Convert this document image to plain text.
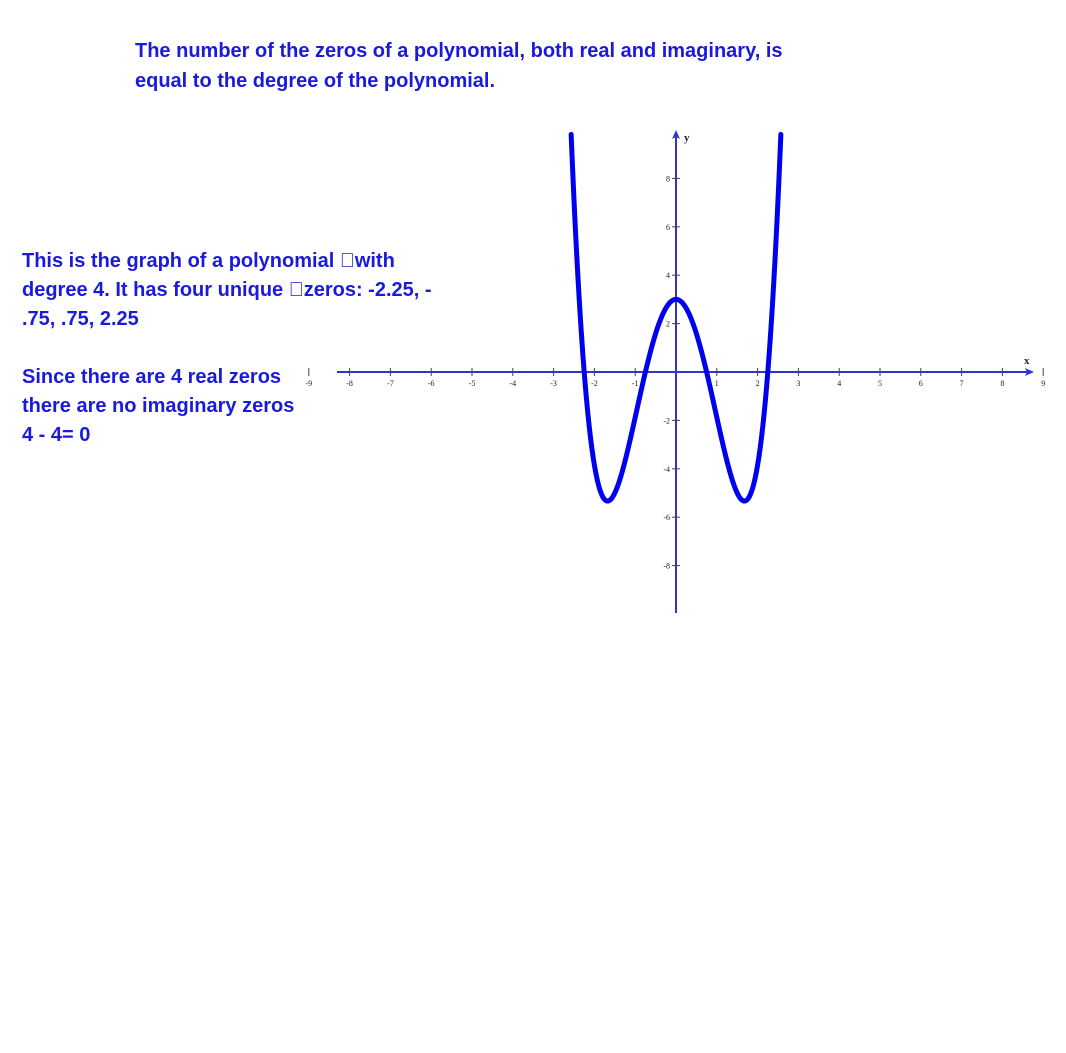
x
y
-9	-8	-7	-6	-5	-4	-3	-2	-1	1	2	3	4	5	6	7	8	9
-8
-6
-4
-2
2
4
6
8
The number of the zeros of a polynomial, both real and imaginary, is
equal to the degree of the polynomial.
This is the graph of a polynomial with
degree 4. It has four unique zeros: -2.25, -
.75, .75, 2.25
Since there are 4 real zeros
there are no imaginary zeros
4 - 4= 0
